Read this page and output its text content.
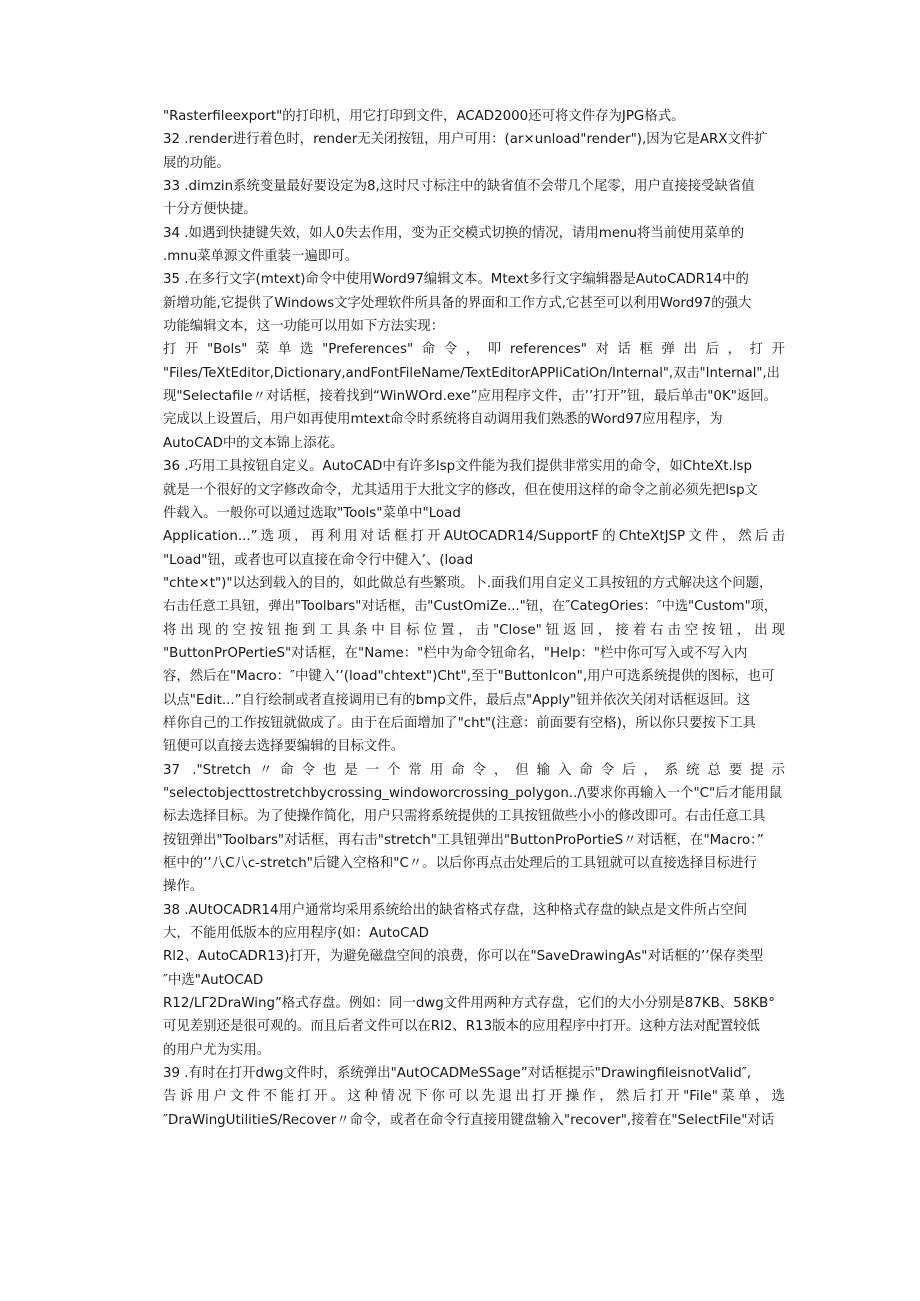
"Rasterfileexport"的打印机，用它打印到文件，ACAD2000还可将文件存为JPG格式。
32 .render进行着色时，render无关闭按钮，用户可用：(ar×unload"render"),因为它是ARX文件扩
展的功能。
33 .dimzin系统变量最好要设定为8,这时尺寸标注中的缺省值不会带几个尾零，用户直接接受缺省值
十分方便快捷。
34 .如遇到快捷键失效，如人0失去作用，变为正交模式切换的情况，请用menu将当前使用菜单的
.mnu菜单源文件重装一遍即可。
35 .在多行文字(mtext)命令中使用Word97编辑文本。Mtext多行文字编辑器是AutoCADR14中的
新增功能,它提供了Windows文字处理软件所具备的界面和工作方式,它甚至可以利用Word97的强大
功能编辑文本，这一功能可以用如下方法实现：
打开"Bols"菜单选"Preferences"命令，叩references"对话框弹出后，打开
"Files∕TeXtEditor,Dictionary,andFontFileName/TextEditorAPPIiCatiOn/Internal",双击"Internal",出
现"Selectafile〃对话框，接着找到“WinWOrd.exe”应用程序文件，击’’打开”钮，最后单击"0K"返回。
完成以上设置后，用户如再使用mtext命令时系统将自动调用我们熟悉的Word97应用程序，为
AutoCAD中的文本锦上添花。
36 .巧用工具按钮自定义。AutoCAD中有许多lsp文件能为我们提供非常实用的命令，如ChteXt.lsp
就是一个很好的文字修改命令，尤其适用于大批文字的修改，但在使用这样的命令之前必须先把lsp文
件载入。一般你可以通过选取"Tools"菜单中"Load
Application...”选项，再利用对话框打开AUtOCADR14∕SupportF的ChteXtJSP文件，然后击
"Load"钮，或者也可以直接在命令行中健入’、(load
"chte×t")"以达到载入的目的，如此做总有些繁琐。卜.面我们用自定义工具按钮的方式解决这个问题，
右击任意工具钮，弹出"Toolbars"对话框，击"CustOmiZe..."钮，在″CategOries：″中选"Custom"项，
将出现的空按钮拖到工具条中目标位置，击"Close"钮返回，接着右击空按钮，出现
"ButtonPrOPertieS"对话框，在"Name："栏中为命令钮命名，"Help："栏中你可写入或不写入内
容，然后在"Macro：″中键入’’(load"chtext")Cht",至于"ButtonIcon",用户可选系统提供的图标，也可
以点"Edit...”自行绘制或者直接调用已有的bmp文件，最后点"Apply"钮并依次关闭对话框返回。这
样你自己的工作按钮就做成了。由于在后面增加了"cht"(注意：前面要有空格)，所以你只要按下工具
钮便可以直接去选择要编辑的目标文件。
37 ."Stretch〃命令也是一个常用命令，但输入命令后，系统总要提示
"selectobjecttostretchbycrossing_windoworcrossing_polygon..∕\要求你再输入一个"C"后才能用鼠
标去选择目标。为了使操作简化，用户只需将系统提供的工具按钮做些小小的修改即可。右击任意工具
按钮弹出"Toolbars"对话框，再右击"stretch"工具钮弹出"ButtonProPortieS〃对话框，在"Macro：”
框中的’’八C八c-stretch"后键入空格和"C〃。以后你再点击处理后的工具钮就可以直接选择目标进行
操作。
38 .AUtOCADR14用户通常均采用系统给出的缺省格式存盘，这种格式存盘的缺点是文件所占空间
大，不能用低版本的应用程序(如：AutoCAD
Rl2、AutoCADR13)打开，为避免磁盘空间的浪费，你可以在"SaveDrawingAs"对话框的’’保存类型
″中选"AutOCAD
R12∕LΓ2DraWing”格式存盘。例如：同一dwg文件用两种方式存盘，它们的大小分别是87KB、58KB°
可见差别还是很可观的。而且后者文件可以在Rl2、R13版本的应用程序中打开。这种方法对配置较低
的用户尤为实用。
39 .有时在打开dwg文件时，系统弹出"AutOCADMeSSage”对话框提示"DrawingfileisnotValid″,
告诉用户文件不能打开。这种情况下你可以先退出打开操作，然后打开"File"菜单，选
″DraWingUtilitieS/Recover〃命令，或者在命令行直接用键盘输入"recover",接着在"SelectFile"对话
